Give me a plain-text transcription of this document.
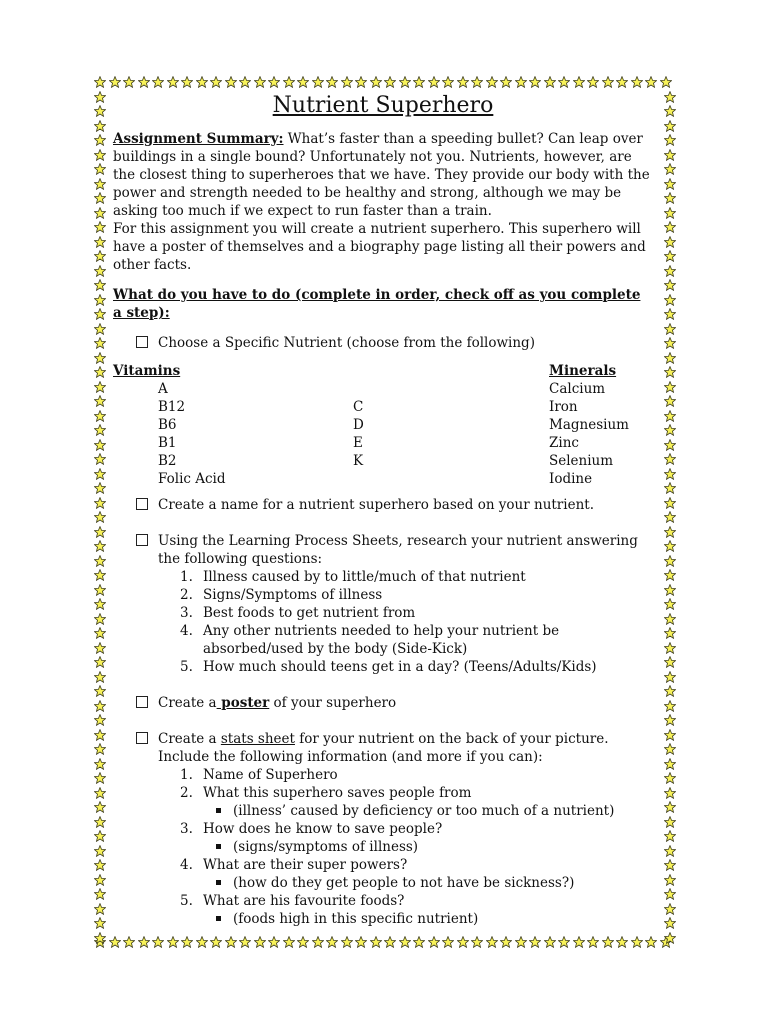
Nutrient Superhero

Assignment Summary: What’s faster than a speeding bullet? Can leap over buildings in a single bound? Unfortunately not you. Nutrients, however, are the closest thing to superheroes that we have. They provide our body with the power and strength needed to be healthy and strong, although we may be asking too much if we expect to run faster than a train.
For this assignment you will create a nutrient superhero. This superhero will have a poster of themselves and a biography page listing all their powers and other facts.

What do you have to do (complete in order, check off as you complete a step):

Choose a Specific Nutrient (choose from the following)
Vitamins
A
B12
B6
B1
B2
Folic Acid
C
D
E
K
Minerals
Calcium
Iron
Magnesium
Zinc
Selenium
Iodine
Create a name for a nutrient superhero based on your nutrient.
Using the Learning Process Sheets, research your nutrient answering the following questions:
1. Illness caused by to little/much of that nutrient
2. Signs/Symptoms of illness
3. Best foods to get nutrient from
4. Any other nutrients needed to help your nutrient be absorbed/used by the body (Side-Kick)
5. How much should teens get in a day? (Teens/Adults/Kids)
Create a poster of your superhero
Create a stats sheet for your nutrient on the back of your picture.
Include the following information (and more if you can):
1. Name of Superhero
2. What this superhero saves people from
(illness’ caused by deficiency or too much of a nutrient)
3. How does he know to save people?
(signs/symptoms of illness)
4. What are their super powers?
(how do they get people to not have be sickness?)
5. What are his favourite foods?
(foods high in this specific nutrient)
